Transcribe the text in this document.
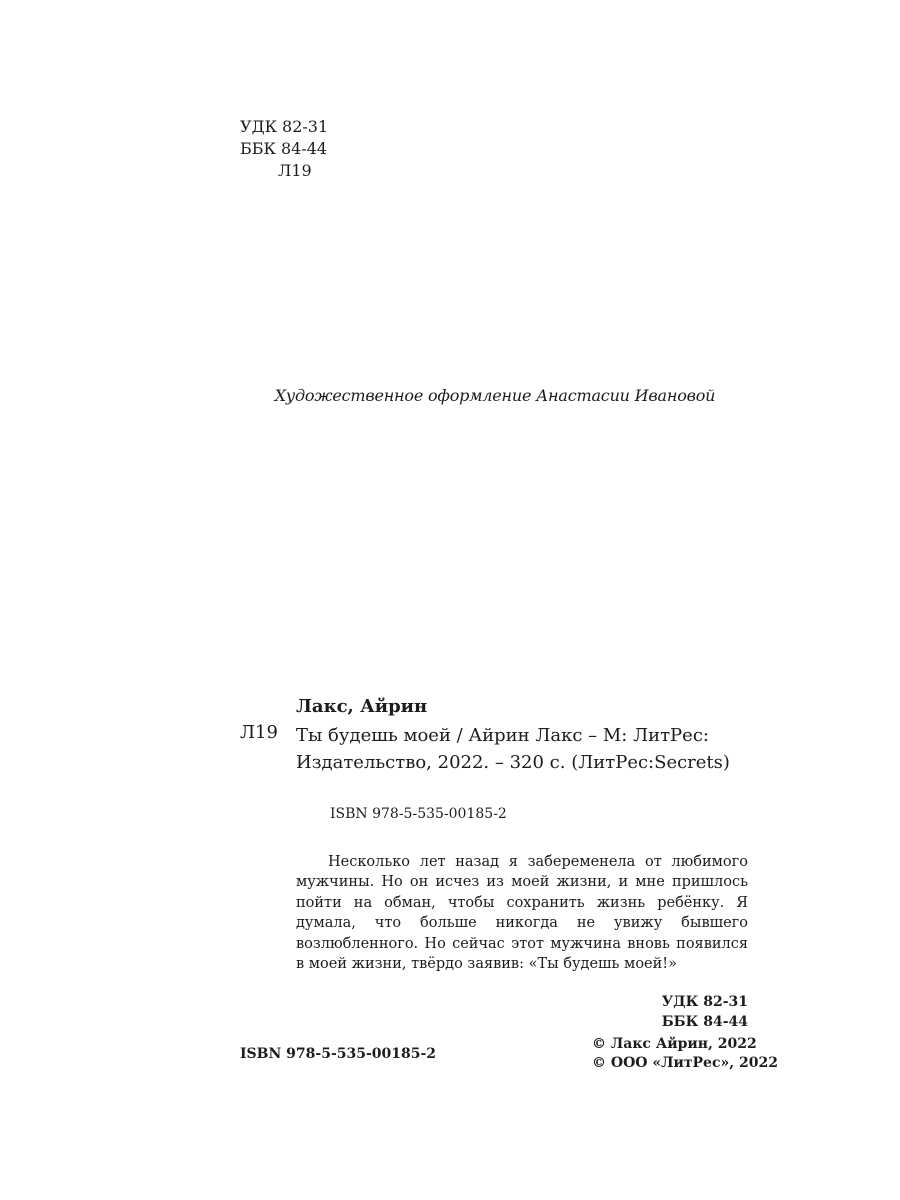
УДК 82-31
ББК 84-44
Л19
Художественное оформление Анастасии Ивановой
Лакс, Айрин
Л19 Ты будешь моей / Айрин Лакс – М: ЛитРес:
Издательство, 2022. – 320 с. (ЛитРес:Secrets)
ISBN 978-5-535-00185-2

Несколько лет назад я забеременела от любимого мужчины. Но он исчез из моей жизни, и мне пришлось пойти на обман, чтобы сохранить жизнь ребёнку. Я думала, что больше никогда не увижу бывшего возлюбленного. Но сейчас этот мужчина вновь появился в моей жизни, твёрдо заявив: «Ты будешь моей!»

УДК 82-31
ББК 84-44
ISBN 978-5-535-00185-2
© Лакс Айрин, 2022
© ООО «ЛитРес», 2022
